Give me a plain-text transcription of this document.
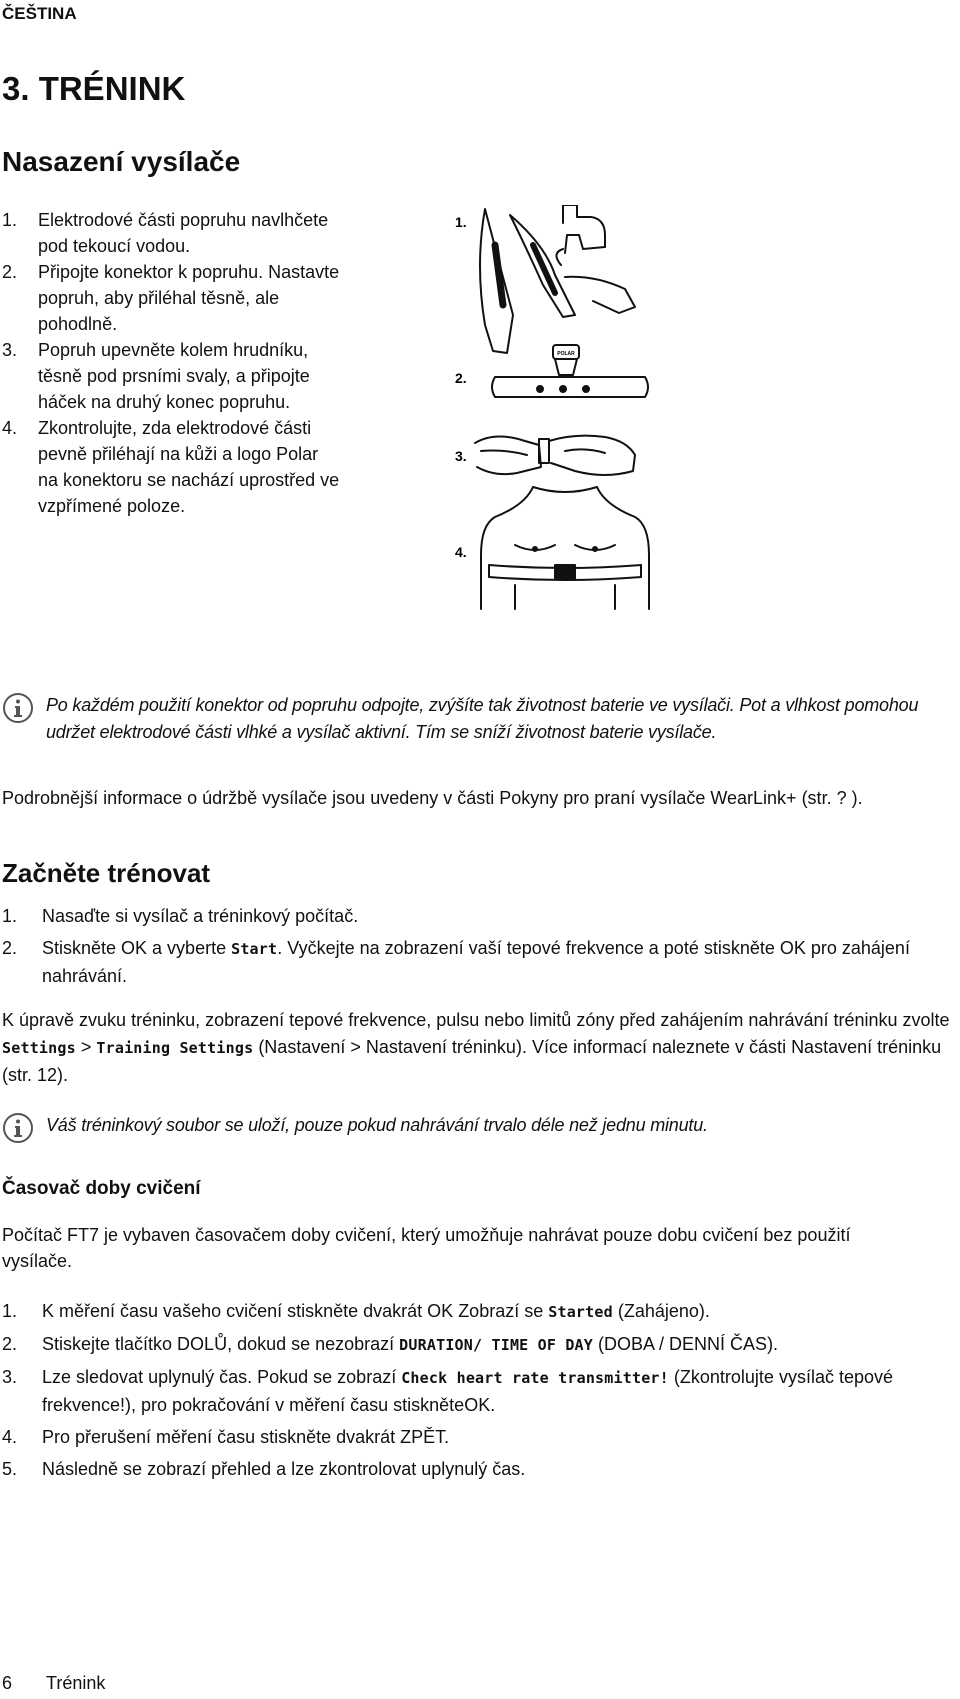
ČEŠTINA
3. TRÉNINK
Nasazení vysílače
1.	Elektrodové části popruhu navlhčete pod tekoucí vodou.
2.	Připojte konektor k popruhu. Nastavte popruh, aby přiléhal těsně, ale pohodlně.
3.	Popruh upevněte kolem hrudníku, těsně pod prsními svaly, a připojte háček na druhý konec popruhu.
4.	Zkontrolujte, zda elektrodové části pevně přiléhají na kůži a logo Polar na konektoru se nachází uprostřed ve vzpřímené poloze.
1.
2.
3.
4.
POLAR
Po každém použití konektor od popruhu odpojte, zvýšíte tak životnost baterie ve vysílači. Pot a vlhkost pomohou udržet elektrodové části vlhké a vysílač aktivní. Tím se sníží životnost baterie vysílače.
Podrobnější informace o údržbě vysílače jsou uvedeny v části Pokyny pro praní vysílače WearLink+ (str. ? ).
Začněte trénovat
1.	Nasaďte si vysílač a tréninkový počítač.
2.	Stiskněte OK a vyberte Start. Vyčkejte na zobrazení vaší tepové frekvence a poté stiskněte OK pro zahájení nahrávání.
K úpravě zvuku tréninku, zobrazení tepové frekvence, pulsu nebo limitů zóny před zahájením nahrávání tréninku zvolte Settings > Training Settings (Nastavení > Nastavení tréninku). Více informací naleznete v části Nastavení tréninku (str. 12).
Váš tréninkový soubor se uloží, pouze pokud nahrávání trvalo déle než jednu minutu.
Časovač doby cvičení
Počítač FT7 je vybaven časovačem doby cvičení, který umožňuje nahrávat pouze dobu cvičení bez použití vysílače.
1.	K měření času vašeho cvičení stiskněte dvakrát OK Zobrazí se Started (Zahájeno).
2.	Stiskejte tlačítko DOLŮ, dokud se nezobrazí DURATION/ TIME OF DAY (DOBA / DENNÍ ČAS).
3.	Lze sledovat uplynulý čas. Pokud se zobrazí Check heart rate transmitter! (Zkontrolujte vysílač tepové frekvence!), pro pokračování v měření času stiskněteOK.
4.	Pro přerušení měření času stiskněte dvakrát ZPĚT.
5.	Následně se zobrazí přehled a lze zkontrolovat uplynulý čas.
6 Trénink
